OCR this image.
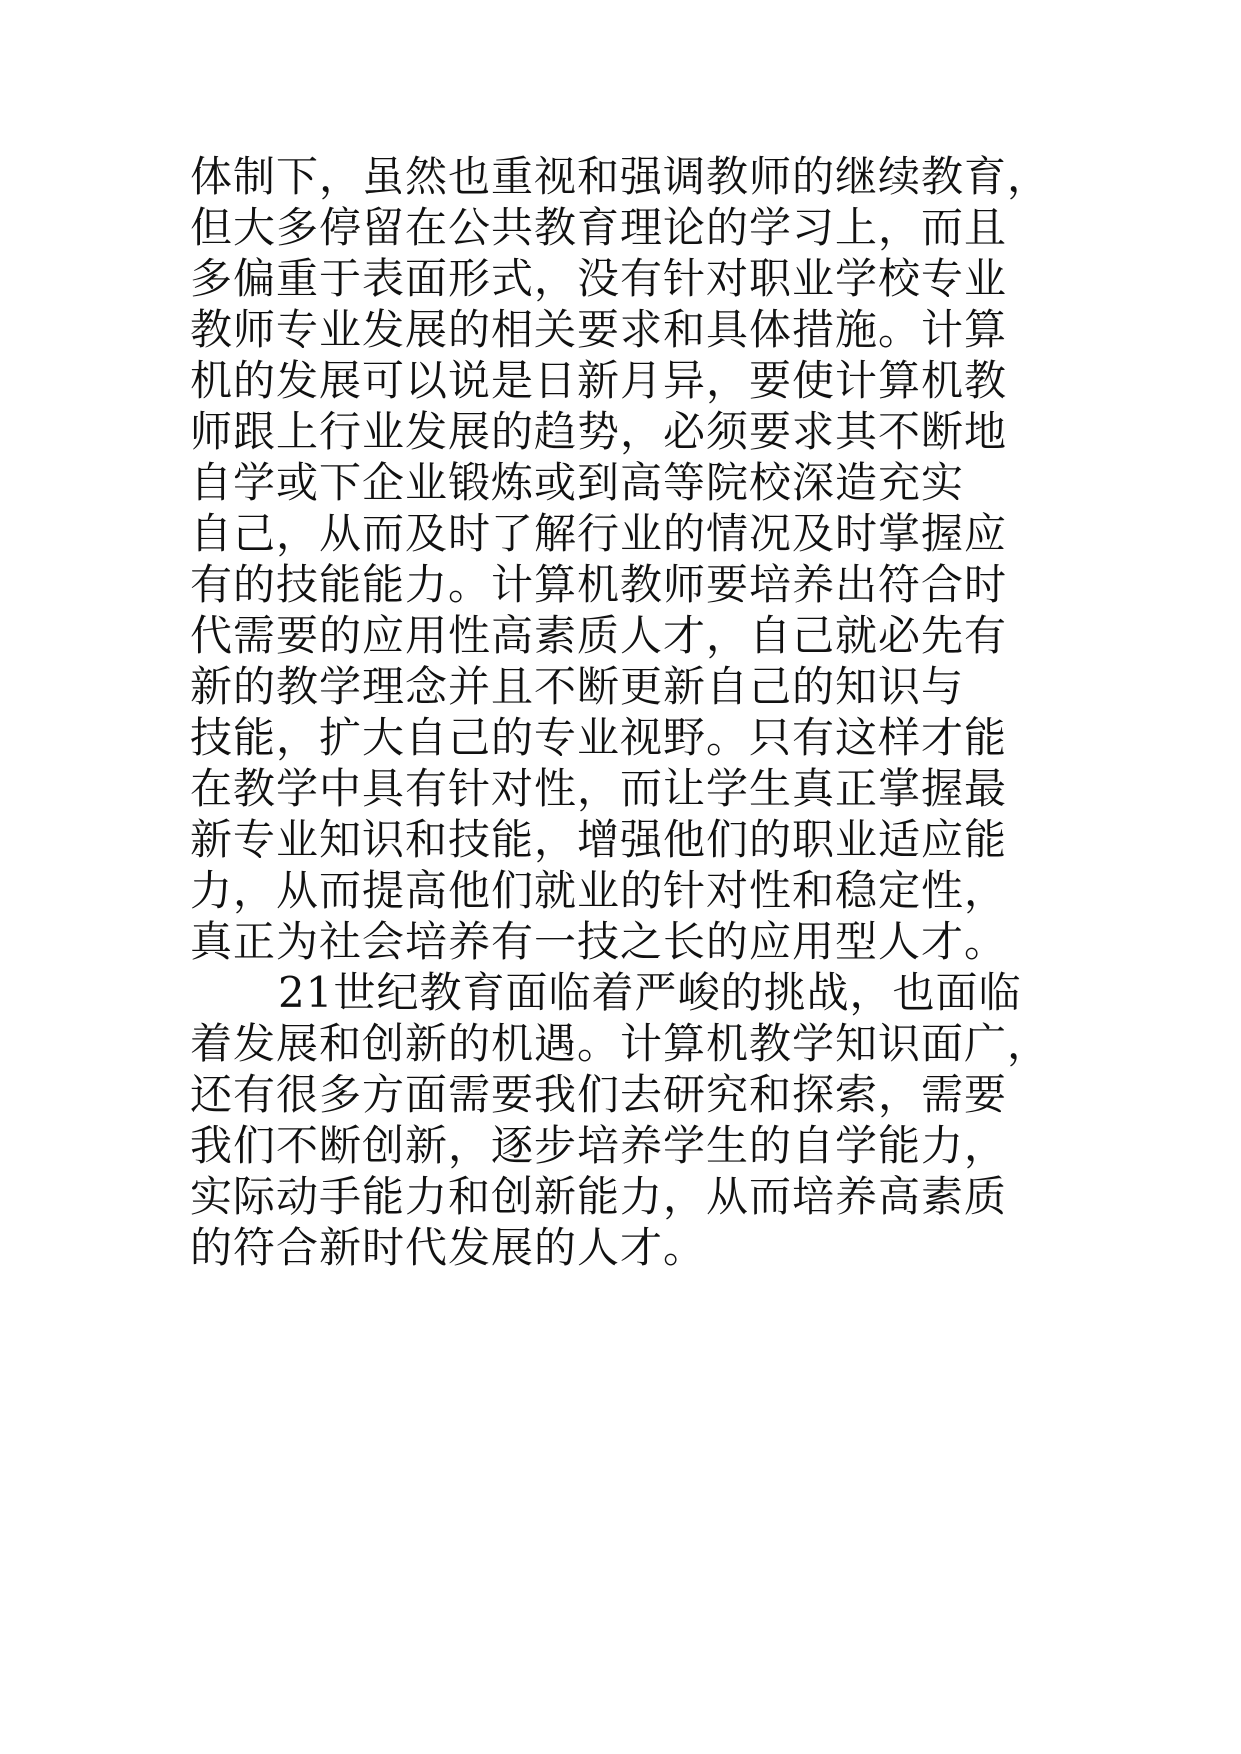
体制下，虽然也重视和强调教师的继续教育，
但大多停留在公共教育理论的学习上，而且
多偏重于表面形式，没有针对职业学校专业
教师专业发展的相关要求和具体措施。计算
机的发展可以说是日新月异，要使计算机教
师跟上行业发展的趋势，必须要求其不断地
自学或下企业锻炼或到高等院校深造充实
自己，从而及时了解行业的情况及时掌握应
有的技能能力。计算机教师要培养出符合时
代需要的应用性高素质人才，自己就必先有
新的教学理念并且不断更新自己的知识与
技能，扩大自己的专业视野。只有这样才能
在教学中具有针对性，而让学生真正掌握最
新专业知识和技能，增强他们的职业适应能
力，从而提高他们就业的针对性和稳定性，
真正为社会培养有一技之长的应用型人才。
21世纪教育面临着严峻的挑战，也面临
着发展和创新的机遇。计算机教学知识面广，
还有很多方面需要我们去研究和探索，需要
我们不断创新，逐步培养学生的自学能力，
实际动手能力和创新能力，从而培养高素质
的符合新时代发展的人才。
